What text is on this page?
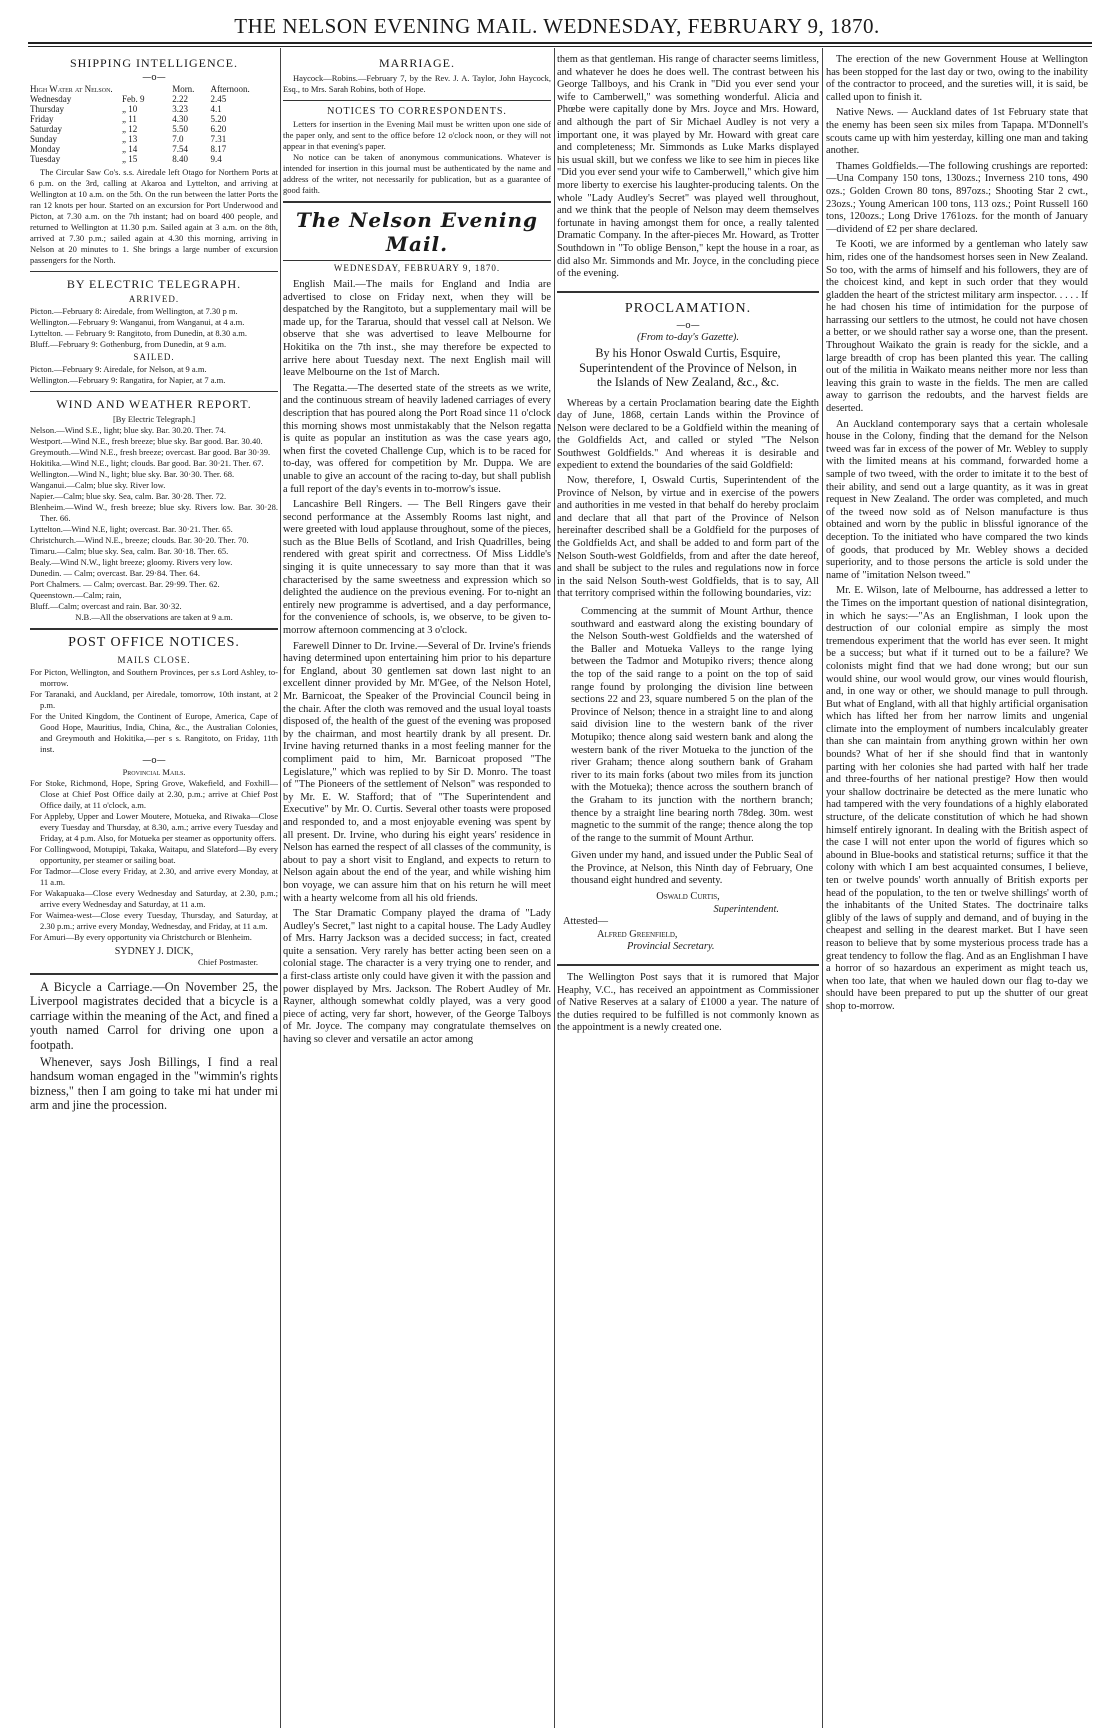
THE NELSON EVENING MAIL. WEDNESDAY, FEBRUARY 9, 1870.
SHIPPING INTELLIGENCE.
—o—
High Water at Nelson.		Morn.	Afternoon.
Wednesday	Feb. 9	2.22	2.45
Thursday	„ 10	3.23	4.1
Friday	„ 11	4.30	5.20
Saturday	„ 12	5.50	6.20
Sunday	„ 13	7.0	7.31
Monday	„ 14	7.54	8.17
Tuesday	„ 15	8.40	9.4

The Circular Saw Co's. s.s. Airedale left Otago for Northern Ports at 6 p.m. on the 3rd, calling at Akaroa and Lyttelton, and arriving at Wellington at 10 a.m. on the 5th. On the run between the latter Ports the ran 12 knots per hour. Started on an excursion for Port Underwood and Picton, at 7.30 a.m. on the 7th instant; had on board 400 people, and returned to Wellington at 11.30 p.m. Sailed again at 3 a.m. on the 8th, arrived at 7.30 p.m.; sailed again at 4.30 this morning, arriving in Nelson at 20 minutes to 1. She brings a large number of excursion passengers for the North.

BY ELECTRIC TELEGRAPH.
ARRIVED.

Picton.—February 8: Airedale, from Wellington, at 7.30 p m.

Wellington.—February 9: Wanganui, from Wanganui, at 4 a.m.

Lyttelton. — February 9: Rangitoto, from Dunedin, at 8.30 a.m.

Bluff.—February 9: Gothenburg, from Dunedin, at 9 a.m.

SAILED.

Picton.—February 9: Airedale, for Nelson, at 9 a.m.

Wellington.—February 9: Rangatira, for Napier, at 7 a.m.

WIND AND WEATHER REPORT.
[By Electric Telegraph.]

Nelson.—Wind S.E., light; blue sky. Bar. 30.20. Ther. 74.

Westport.—Wind N.E., fresh breeze; blue sky. Bar good. Bar. 30.40.

Greymouth.—Wind N.E., fresh breeze; overcast. Bar good. Bar 30·39.

Hokitika.—Wind N.E., light; clouds. Bar good. Bar. 30·21. Ther. 67.

Wellington.—Wind N., light; blue sky. Bar. 30·30. Ther. 68.

Wanganui.—Calm; blue sky. River low.

Napier.—Calm; blue sky. Sea, calm. Bar. 30·28. Ther. 72.

Blenheim.—Wind W., fresh breeze; blue sky. Rivers low. Bar. 30·28. Ther. 66.

Lyttelton.—Wind N.E, light; overcast. Bar. 30·21. Ther. 65.

Christchurch.—Wind N.E., breeze; clouds. Bar. 30·20. Ther. 70.

Timaru.—Calm; blue sky. Sea, calm. Bar. 30·18. Ther. 65.

Bealy.—Wind N.W., light breeze; gloomy. Rivers very low.

Dunedin. — Calm; overcast. Bar. 29·84. Ther. 64.

Port Chalmers. — Calm; overcast. Bar. 29·99. Ther. 62.

Queenstown.—Calm; rain,

Bluff.—Calm; overcast and rain. Bar. 30·32.

N.B.—All the observations are taken at 9 a.m.

POST OFFICE NOTICES.
MAILS CLOSE.

For Picton, Wellington, and Southern Provinces, per s.s Lord Ashley, to-morrow.

For Taranaki, and Auckland, per Airedale, tomorrow, 10th instant, at 2 p.m.

For the United Kingdom, the Continent of Europe, America, Cape of Good Hope, Mauritius, India, China, &c., the Australian Colonies, and Greymouth and Hokitika,—per s s. Rangitoto, on Friday, 11th inst.

—o—
Provincial Mails.

For Stoke, Richmond, Hope, Spring Grove, Wakefield, and Foxhill—Close at Chief Post Office daily at 2.30, p.m.; arrive at Chief Post Office daily, at 11 o'clock, a.m.

For Appleby, Upper and Lower Moutere, Motueka, and Riwaka—Close every Tuesday and Thursday, at 8.30, a.m.; arrive every Tuesday and Friday, at 4 p.m. Also, for Motueka per steamer as opportunity offers.

For Collingwood, Motupipi, Takaka, Waitapu, and Slateford—By every opportunity, per steamer or sailing boat.

For Tadmor—Close every Friday, at 2.30, and arrive every Monday, at 11 a.m.

For Wakapuaka—Close every Wednesday and Saturday, at 2.30, p.m.; arrive every Wednesday and Saturday, at 11 a.m.

For Waimea-west—Close every Tuesday, Thursday, and Saturday, at 2.30 p.m.; arrive every Monday, Wednesday, and Friday, at 11 a.m.

For Amuri—By every opportunity via Christchurch or Blenheim.

SYDNEY J. DICK,

Chief Postmaster.

A Bicycle a Carriage.—On November 25, the Liverpool magistrates decided that a bicycle is a carriage within the meaning of the Act, and fined a youth named Carrol for driving one upon a footpath.

Whenever, says Josh Billings, I find a real handsum woman engaged in the "wimmin's rights bizness," then I am going to take mi hat under mi arm and jine the procession.

MARRIAGE.

Haycock—Robins.—February 7, by the Rev. J. A. Taylor, John Haycock, Esq., to Mrs. Sarah Robins, both of Hope.

NOTICES TO CORRESPONDENTS.

Letters for insertion in the Evening Mail must be written upon one side of the paper only, and sent to the office before 12 o'clock noon, or they will not appear in that evening's paper.

No notice can be taken of anonymous communications. Whatever is intended for insertion in this journal must be authenticated by the name and address of the writer, not necessarily for publication, but as a guarantee of good faith.

The Nelson Evening Mail.
WEDNESDAY, FEBRUARY 9, 1870.

English Mail.—The mails for England and India are advertised to close on Friday next, when they will be despatched by the Rangitoto, but a supplementary mail will be made up, for the Tararua, should that vessel call at Nelson. We observe that she was advertised to leave Melbourne for Hokitika on the 7th inst., she may therefore be expected to arrive here about Tuesday next. The next English mail will leave Melbourne on the 1st of March.

The Regatta.—The deserted state of the streets as we write, and the continuous stream of heavily ladened carriages of every description that has poured along the Port Road since 11 o'clock this morning shows most unmistakably that the Nelson regatta is quite as popular an institution as was the case years ago, when first the coveted Challenge Cup, which is to be raced for to-day, was offered for competition by Mr. Duppa. We are unable to give an account of the racing to-day, but shall publish a full report of the day's events in to-morrow's issue.

Lancashire Bell Ringers. — The Bell Ringers gave their second performance at the Assembly Rooms last night, and were greeted with loud applause throughout, some of the pieces, such as the Blue Bells of Scotland, and Irish Quadrilles, being rendered with great spirit and correctness. Of Miss Liddle's singing it is quite unnecessary to say more than that it was characterised by the same sweetness and expression which so delighted the audience on the previous evening. For to-night an entirely new programme is advertised, and a day performance, for the convenience of schools, is, we observe, to be given to-morrow afternoon commencing at 3 o'clock.

Farewell Dinner to Dr. Irvine.—Several of Dr. Irvine's friends having determined upon entertaining him prior to his departure for England, about 30 gentlemen sat down last night to an excellent dinner provided by Mr. M'Gee, of the Nelson Hotel, Mr. Barnicoat, the Speaker of the Provincial Council being in the chair. After the cloth was removed and the usual loyal toasts disposed of, the health of the guest of the evening was proposed by the chairman, and most heartily drank by all present. Dr. Irvine having returned thanks in a most feeling manner for the compliment paid to him, Mr. Barnicoat proposed "The Legislature," which was replied to by Sir D. Monro. The toast of "The Pioneers of the settlement of Nelson" was responded to by Mr. E. W. Stafford; that of "The Superintendent and Executive" by Mr. O. Curtis. Several other toasts were proposed and responded to, and a most enjoyable evening was spent by all present. Dr. Irvine, who during his eight years' residence in Nelson has earned the respect of all classes of the community, is about to pay a short visit to England, and expects to return to Nelson again about the end of the year, and while wishing him bon voyage, we can assure him that on his return he will meet with a hearty welcome from all his old friends.

The Star Dramatic Company played the drama of "Lady Audley's Secret," last night to a capital house. The Lady Audley of Mrs. Harry Jackson was a decided success; in fact, created quite a sensation. Very rarely has better acting been seen on a colonial stage. The character is a very trying one to render, and a first-class artiste only could have given it with the passion and power displayed by Mrs. Jackson. The Robert Audley of Mr. Rayner, although somewhat coldly played, was a very good piece of acting, very far short, however, of the George Talboys of Mr. Joyce. The company may congratulate themselves on having so clever and versatile an actor among

them as that gentleman. His range of character seems limitless, and whatever he does he does well. The contrast between his George Tallboys, and his Crank in "Did you ever send your wife to Camberwell," was something wonderful. Alicia and Phœbe were capitally done by Mrs. Joyce and Mrs. Howard, and although the part of Sir Michael Audley is not very a important one, it was played by Mr. Howard with great care and completeness; Mr. Simmonds as Luke Marks displayed his usual skill, but we confess we like to see him in pieces like "Did you ever send your wife to Camberwell," which give him more liberty to exercise his laughter-producing talents. On the whole "Lady Audley's Secret" was played well throughout, and we think that the people of Nelson may deem themselves fortunate in having amongst them for once, a really talented Dramatic Company. In the after-pieces Mr. Howard, as Trotter Southdown in "To oblige Benson," kept the house in a roar, as did also Mr. Simmonds and Mr. Joyce, in the concluding piece of the evening.

PROCLAMATION.
—o—
(From to-day's Gazette).

By his Honor Oswald Curtis, Esquire, Superintendent of the Province of Nelson, in the Islands of New Zealand, &c., &c.

Whereas by a certain Proclamation bearing date the Eighth day of June, 1868, certain Lands within the Province of Nelson were declared to be a Goldfield within the meaning of the Goldfields Act, and called or styled "The Nelson Southwest Goldfields." And whereas it is desirable and expedient to extend the boundaries of the said Goldfield:

Now, therefore, I, Oswald Curtis, Superintendent of the Province of Nelson, by virtue and in exercise of the powers and authorities in me vested in that behalf do hereby proclaim and declare that all that part of the Province of Nelson hereinafter described shall be a Goldfield for the purposes of the Goldfields Act, and shall be added to and form part of the Nelson South-west Goldfields, from and after the date hereof, and shall be subject to the rules and regulations now in force in the said Nelson South-west Goldfields, that is to say, All that territory comprised within the following boundaries, viz:

Commencing at the summit of Mount Arthur, thence southward and eastward along the existing boundary of the Nelson South-west Goldfields and the watershed of the Baller and Motueka Valleys to the range lying between the Tadmor and Motupiko rivers; thence along the top of the said range to a point on the top of said range found by prolonging the division line between sections 22 and 23, square numbered 5 on the plan of the Province of Nelson; thence in a straight line to and along said division line to the western bank of the river Motupiko; thence along said western bank and along the western bank of the river Motueka to the junction of the river Graham; thence along southern bank of Graham river to its main forks (about two miles from its junction with the Motueka); thence across the southern branch of the Graham to its junction with the northern branch; thence by a straight line bearing north 78deg. 30m. west magnetic to the summit of the range; thence along the top of the range to the summit of Mount Arthur.

Given under my hand, and issued under the Public Seal of the Province, at Nelson, this Ninth day of February, One thousand eight hundred and seventy.

Oswald Curtis,

Superintendent.

Attested—

Alfred Greenfield,

Provincial Secretary.

The Wellington Post says that it is rumored that Major Heaphy, V.C., has received an appointment as Commissioner of Native Reserves at a salary of £1000 a year. The nature of the duties required to be fulfilled is not commonly known as the appointment is a newly created one.

The erection of the new Government House at Wellington has been stopped for the last day or two, owing to the inability of the contractor to proceed, and the sureties will, it is said, be called upon to finish it.

Native News. — Auckland dates of 1st February state that the enemy has been seen six miles from Tapapa. M'Donnell's scouts came up with him yesterday, killing one man and taking another.

Thames Goldfields.—The following crushings are reported:—Una Company 150 tons, 130ozs.; Inverness 210 tons, 490 ozs.; Golden Crown 80 tons, 897ozs.; Shooting Star 2 cwt., 23ozs.; Young American 100 tons, 113 ozs.; Point Russell 160 tons, 120ozs.; Long Drive 1761ozs. for the month of January—dividend of £2 per share declared.

Te Kooti, we are informed by a gentleman who lately saw him, rides one of the handsomest horses seen in New Zealand. So too, with the arms of himself and his followers, they are of the choicest kind, and kept in such order that they would gladden the heart of the strictest military arm inspector. . . . . If he had chosen his time of intimidation for the purpose of harrassing our settlers to the utmost, he could not have chosen a better, or we should rather say a worse one, than the present. Throughout Waikato the grain is ready for the sickle, and a large breadth of crop has been planted this year. The calling out of the militia in Waikato means neither more nor less than leaving this grain to waste in the fields. The men are called away to garrison the redoubts, and the harvest fields are deserted.

An Auckland contemporary says that a certain wholesale house in the Colony, finding that the demand for the Nelson tweed was far in excess of the power of Mr. Webley to supply with the limited means at his command, forwarded home a sample of two tweed, with the order to imitate it to the best of their ability, and send out a large quantity, as it was in great request in New Zealand. The order was completed, and much of the tweed now sold as of Nelson manufacture is thus obtained and worn by the public in blissful ignorance of the deception. To the initiated who have compared the two kinds of goods, that produced by Mr. Webley shows a decided superiority, and to those persons the article is sold under the name of "imitation Nelson tweed."

Mr. E. Wilson, late of Melbourne, has addressed a letter to the Times on the important question of national disintegration, in which he says:—"As an Englishman, I look upon the destruction of our colonial empire as simply the most tremendous experiment that the world has ever seen. It might be a success; but what if it turned out to be a failure? We colonists might find that we had done wrong; but our sun would shine, our wool would grow, our vines would flourish, and, in one way or other, we should manage to pull through. But what of England, with all that highly artificial organisation which has lifted her from her narrow limits and ungenial climate into the employment of numbers incalculably greater than she can maintain from anything grown within her own bounds? What of her if she should find that in wantonly parting with her colonies she had parted with half her trade and three-fourths of her national prestige? How then would your shallow doctrinaire be detected as the mere lunatic who had tampered with the very foundations of a highly elaborated structure, of the delicate constitution of which he had shown himself entirely ignorant. In dealing with the British aspect of the case I will not enter upon the world of figures which so abound in Blue-books and statistical returns; suffice it that the colony with which I am best acquainted consumes, I believe, ten or twelve pounds' worth annually of British exports per head of the population, to the ten or twelve shillings' worth of the inhabitants of the United States. The doctrinaire talks glibly of the laws of supply and demand, and of buying in the cheapest and selling in the dearest market. But I have seen reason to believe that by some mysterious process trade has a great tendency to follow the flag. And as an Englishman I have a horror of so hazardous an experiment as might teach us, when too late, that when we hauled down our flag to-day we should have been prepared to put up the shutter of our great shop to-morrow.
